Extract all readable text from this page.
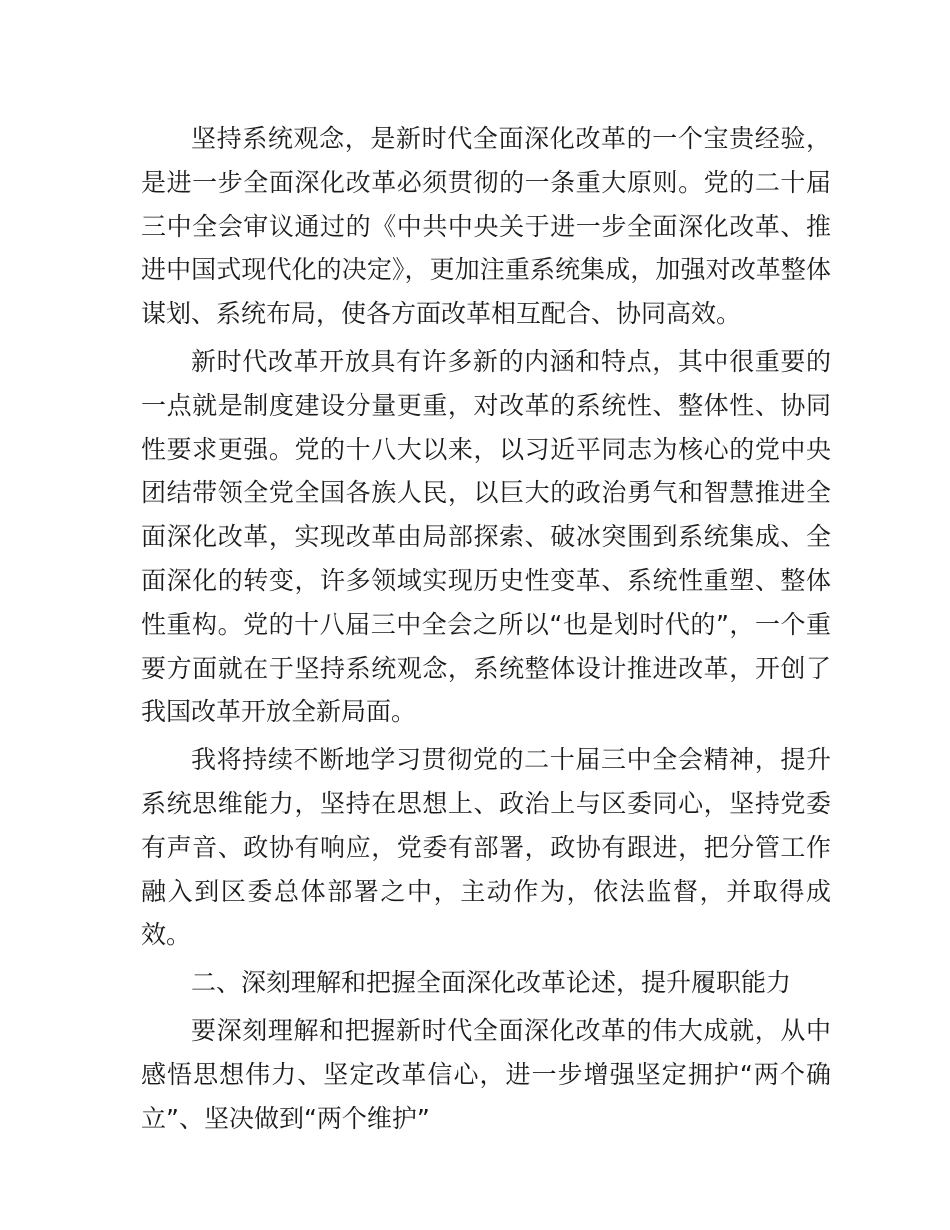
坚持系统观念，是新时代全面深化改革的一个宝贵经验，是进一步全面深化改革必须贯彻的一条重大原则。党的二十届三中全会审议通过的《中共中央关于进一步全面深化改革、推进中国式现代化的决定》，更加注重系统集成，加强对改革整体谋划、系统布局，使各方面改革相互配合、协同高效。

新时代改革开放具有许多新的内涵和特点，其中很重要的一点就是制度建设分量更重，对改革的系统性、整体性、协同性要求更强。党的十八大以来，以习近平同志为核心的党中央团结带领全党全国各族人民，以巨大的政治勇气和智慧推进全面深化改革，实现改革由局部探索、破冰突围到系统集成、全面深化的转变，许多领域实现历史性变革、系统性重塑、整体性重构。党的十八届三中全会之所以“也是划时代的”，一个重要方面就在于坚持系统观念，系统整体设计推进改革，开创了我国改革开放全新局面。

我将持续不断地学习贯彻党的二十届三中全会精神，提升系统思维能力，坚持在思想上、政治上与区委同心，坚持党委有声音、政协有响应，党委有部署，政协有跟进，把分管工作融入到区委总体部署之中，主动作为，依法监督，并取得成效。

二、深刻理解和把握全面深化改革论述，提升履职能力

要深刻理解和把握新时代全面深化改革的伟大成就，从中感悟思想伟力、坚定改革信心，进一步增强坚定拥护“两个确立”、坚决做到“两个维护”
